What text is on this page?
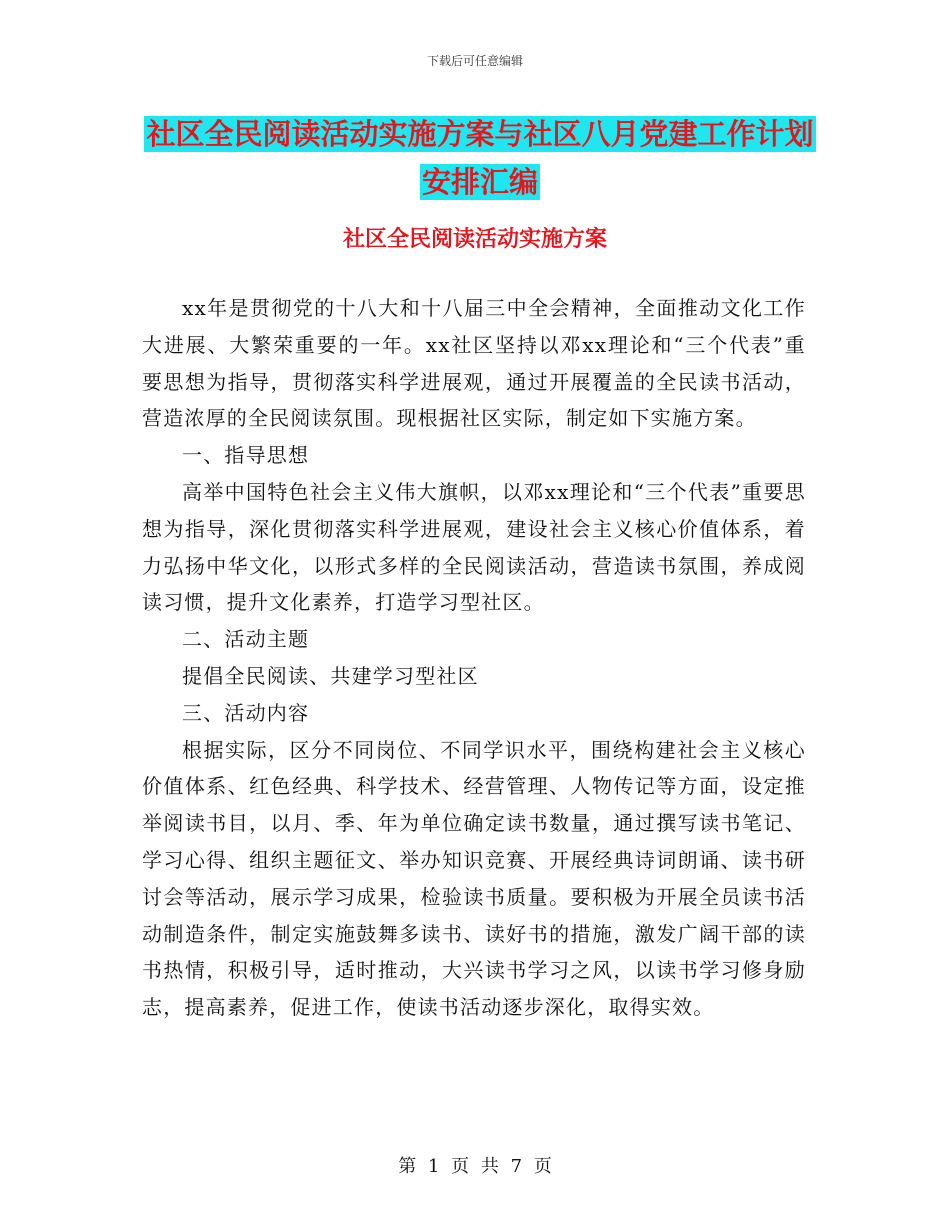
下载后可任意编辑
社区全民阅读活动实施方案与社区八月党建工作计划
安排汇编
社区全民阅读活动实施方案

xx年是贯彻党的十八大和十八届三中全会精神，全面推动文化工作大进展、大繁荣重要的一年。xx社区坚持以邓xx理论和“三个代表”重要思想为指导，贯彻落实科学进展观，通过开展覆盖的全民读书活动，营造浓厚的全民阅读氛围。现根据社区实际，制定如下实施方案。

一、指导思想

高举中国特色社会主义伟大旗帜，以邓xx理论和“三个代表”重要思想为指导，深化贯彻落实科学进展观，建设社会主义核心价值体系，着力弘扬中华文化，以形式多样的全民阅读活动，营造读书氛围，养成阅读习惯，提升文化素养，打造学习型社区。

二、活动主题

提倡全民阅读、共建学习型社区

三、活动内容

根据实际，区分不同岗位、不同学识水平，围绕构建社会主义核心价值体系、红色经典、科学技术、经营管理、人物传记等方面，设定推举阅读书目，以月、季、年为单位确定读书数量，通过撰写读书笔记、学习心得、组织主题征文、举办知识竞赛、开展经典诗词朗诵、读书研讨会等活动，展示学习成果，检验读书质量。要积极为开展全员读书活动制造条件，制定实施鼓舞多读书、读好书的措施，激发广阔干部的读书热情，积极引导，适时推动，大兴读书学习之风，以读书学习修身励志，提高素养，促进工作，使读书活动逐步深化，取得实效。

第 1 页 共 7 页
